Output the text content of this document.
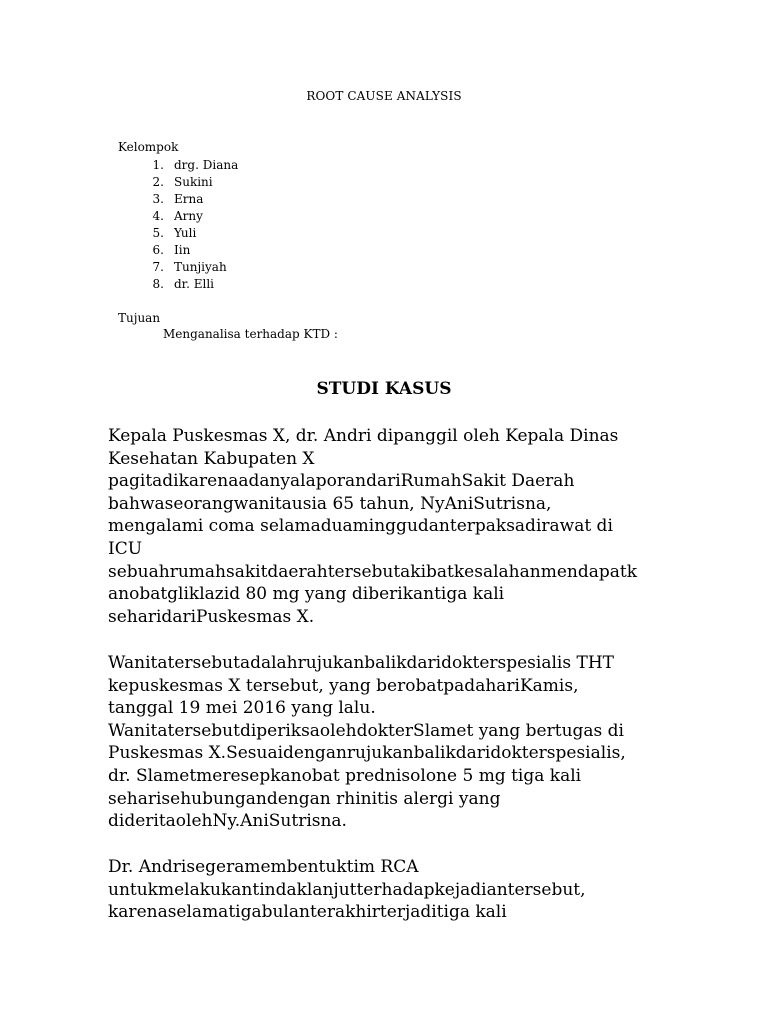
ROOT CAUSE ANALYSIS
Kelompok
1. drg. Diana
2. Sukini
3. Erna
4. Arny
5. Yuli
6. Iin
7. Tunjiyah
8. dr. Elli
Tujuan
Menganalisa terhadap KTD :
STUDI KASUS
Kepala Puskesmas X, dr. Andri dipanggil oleh Kepala Dinas
Kesehatan Kabupaten X
pagitadikarenaadanyalaporandariRumahSakit Daerah
bahwaseorangwanitausia 65 tahun, NyAniSutrisna,
mengalami coma selamaduaminggudanterpaksadirawat di
ICU
sebuahrumahsakitdaerahtersebutakibatkesalahanmendapatk
anobatgliklazid 80 mg yang diberikantiga kali
seharidariPuskesmas X.
Wanitatersebutadalahrujukanbalikdaridokterspesialis THT
kepuskesmas X tersebut, yang berobatpadahariKamis,
tanggal 19 mei 2016 yang lalu.
WanitatersebutdiperiksaolehdokterSlamet yang bertugas di
Puskesmas X.Sesuaidenganrujukanbalikdaridokterspesialis,
dr. Slametmeresepkanobat prednisolone 5 mg tiga kali
seharisehubungandengan rhinitis alergi yang
dideritaolehNy.AniSutrisna.
Dr. Andrisegeramembentuktim RCA
untukmelakukantindaklanjutterhadapkejadiantersebut,
karenaselamatigabulanterakhirterjaditiga kali
